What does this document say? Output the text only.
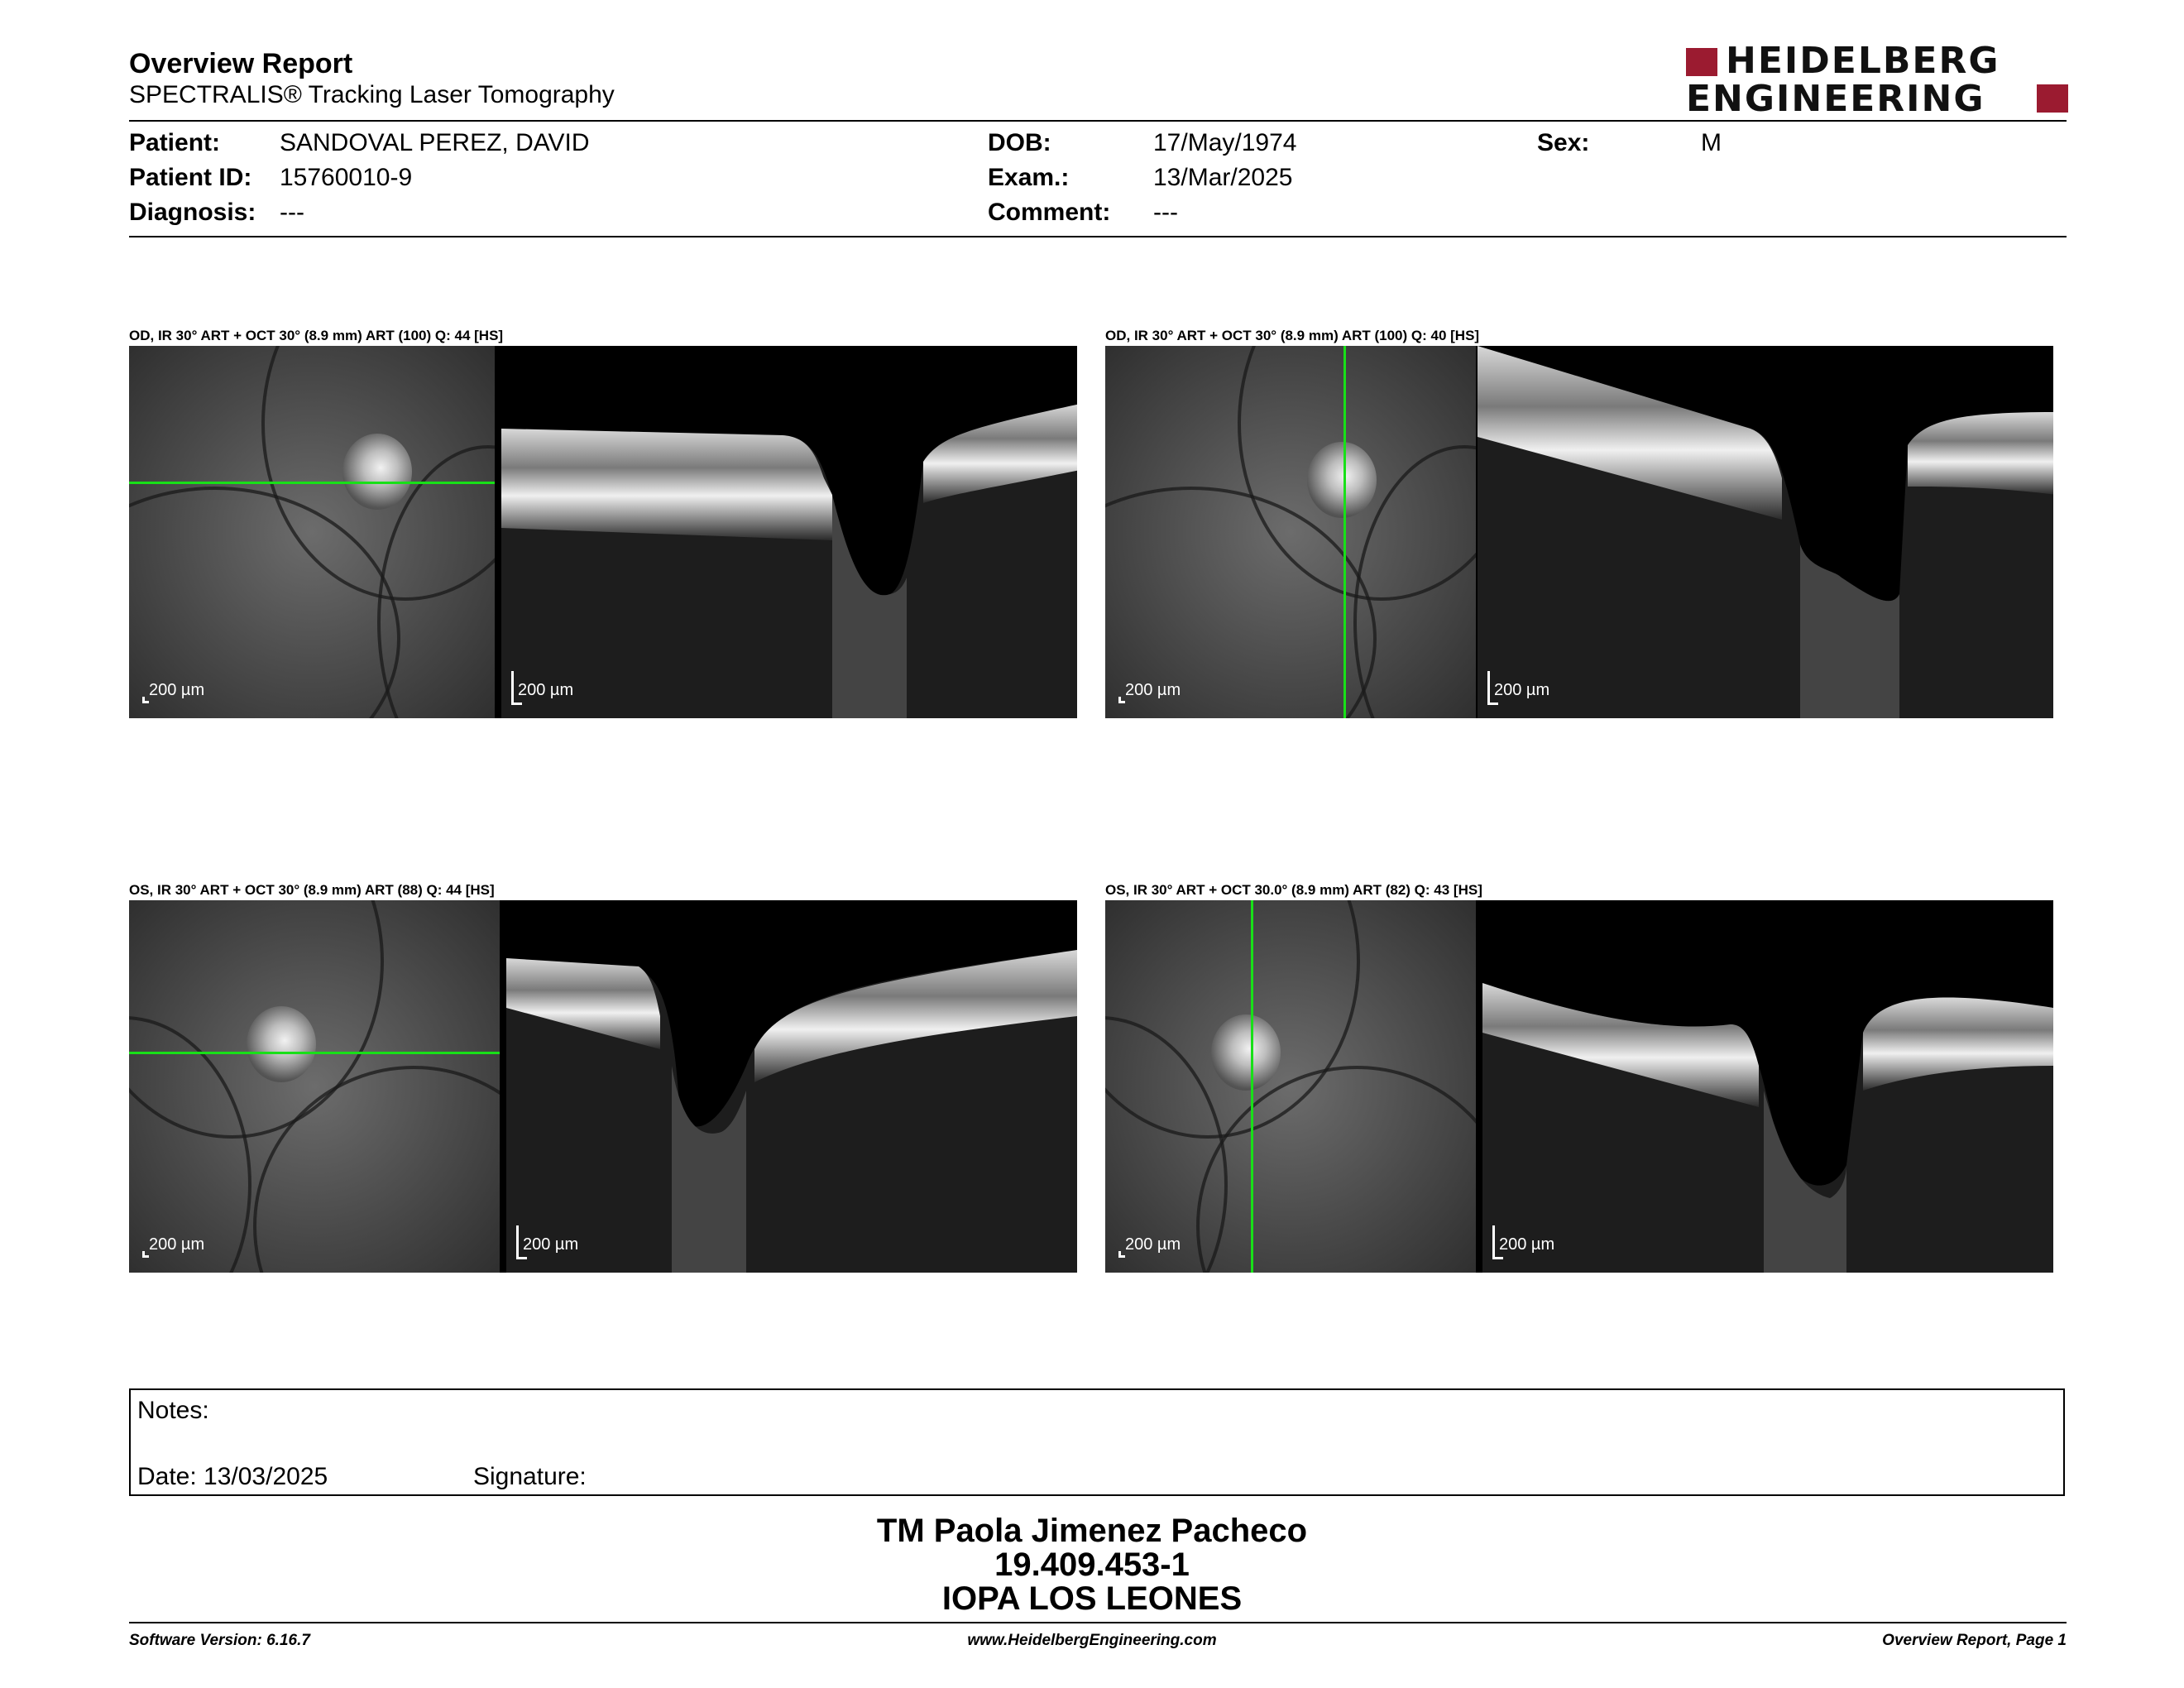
Overview Report
SPECTRALIS® Tracking Laser Tomography
HEIDELBERG
ENGINEERING
Patient: SANDOVAL PEREZ, DAVID
Patient ID: 15760010-9
Diagnosis: ---
DOB:	17/May/1974
Exam.:	13/Mar/2025
Comment: ---
Sex:	M
OD, IR 30° ART + OCT 30° (8.9 mm) ART (100) Q: 44 [HS]
200 µm	200 µm
OD, IR 30° ART + OCT 30° (8.9 mm) ART (100) Q: 40 [HS]
200 µm	200 µm
OS, IR 30° ART + OCT 30° (8.9 mm) ART (88) Q: 44 [HS]
200 µm	200 µm
OS, IR 30° ART + OCT 30.0° (8.9 mm) ART (82) Q: 43 [HS]
200 µm	200 µm
Notes:
Date: 13/03/2025	Signature:
TM Paola Jimenez Pacheco
19.409.453-1
IOPA LOS LEONES
Software Version: 6.16.7	www.HeidelbergEngineering.com	Overview Report, Page 1
